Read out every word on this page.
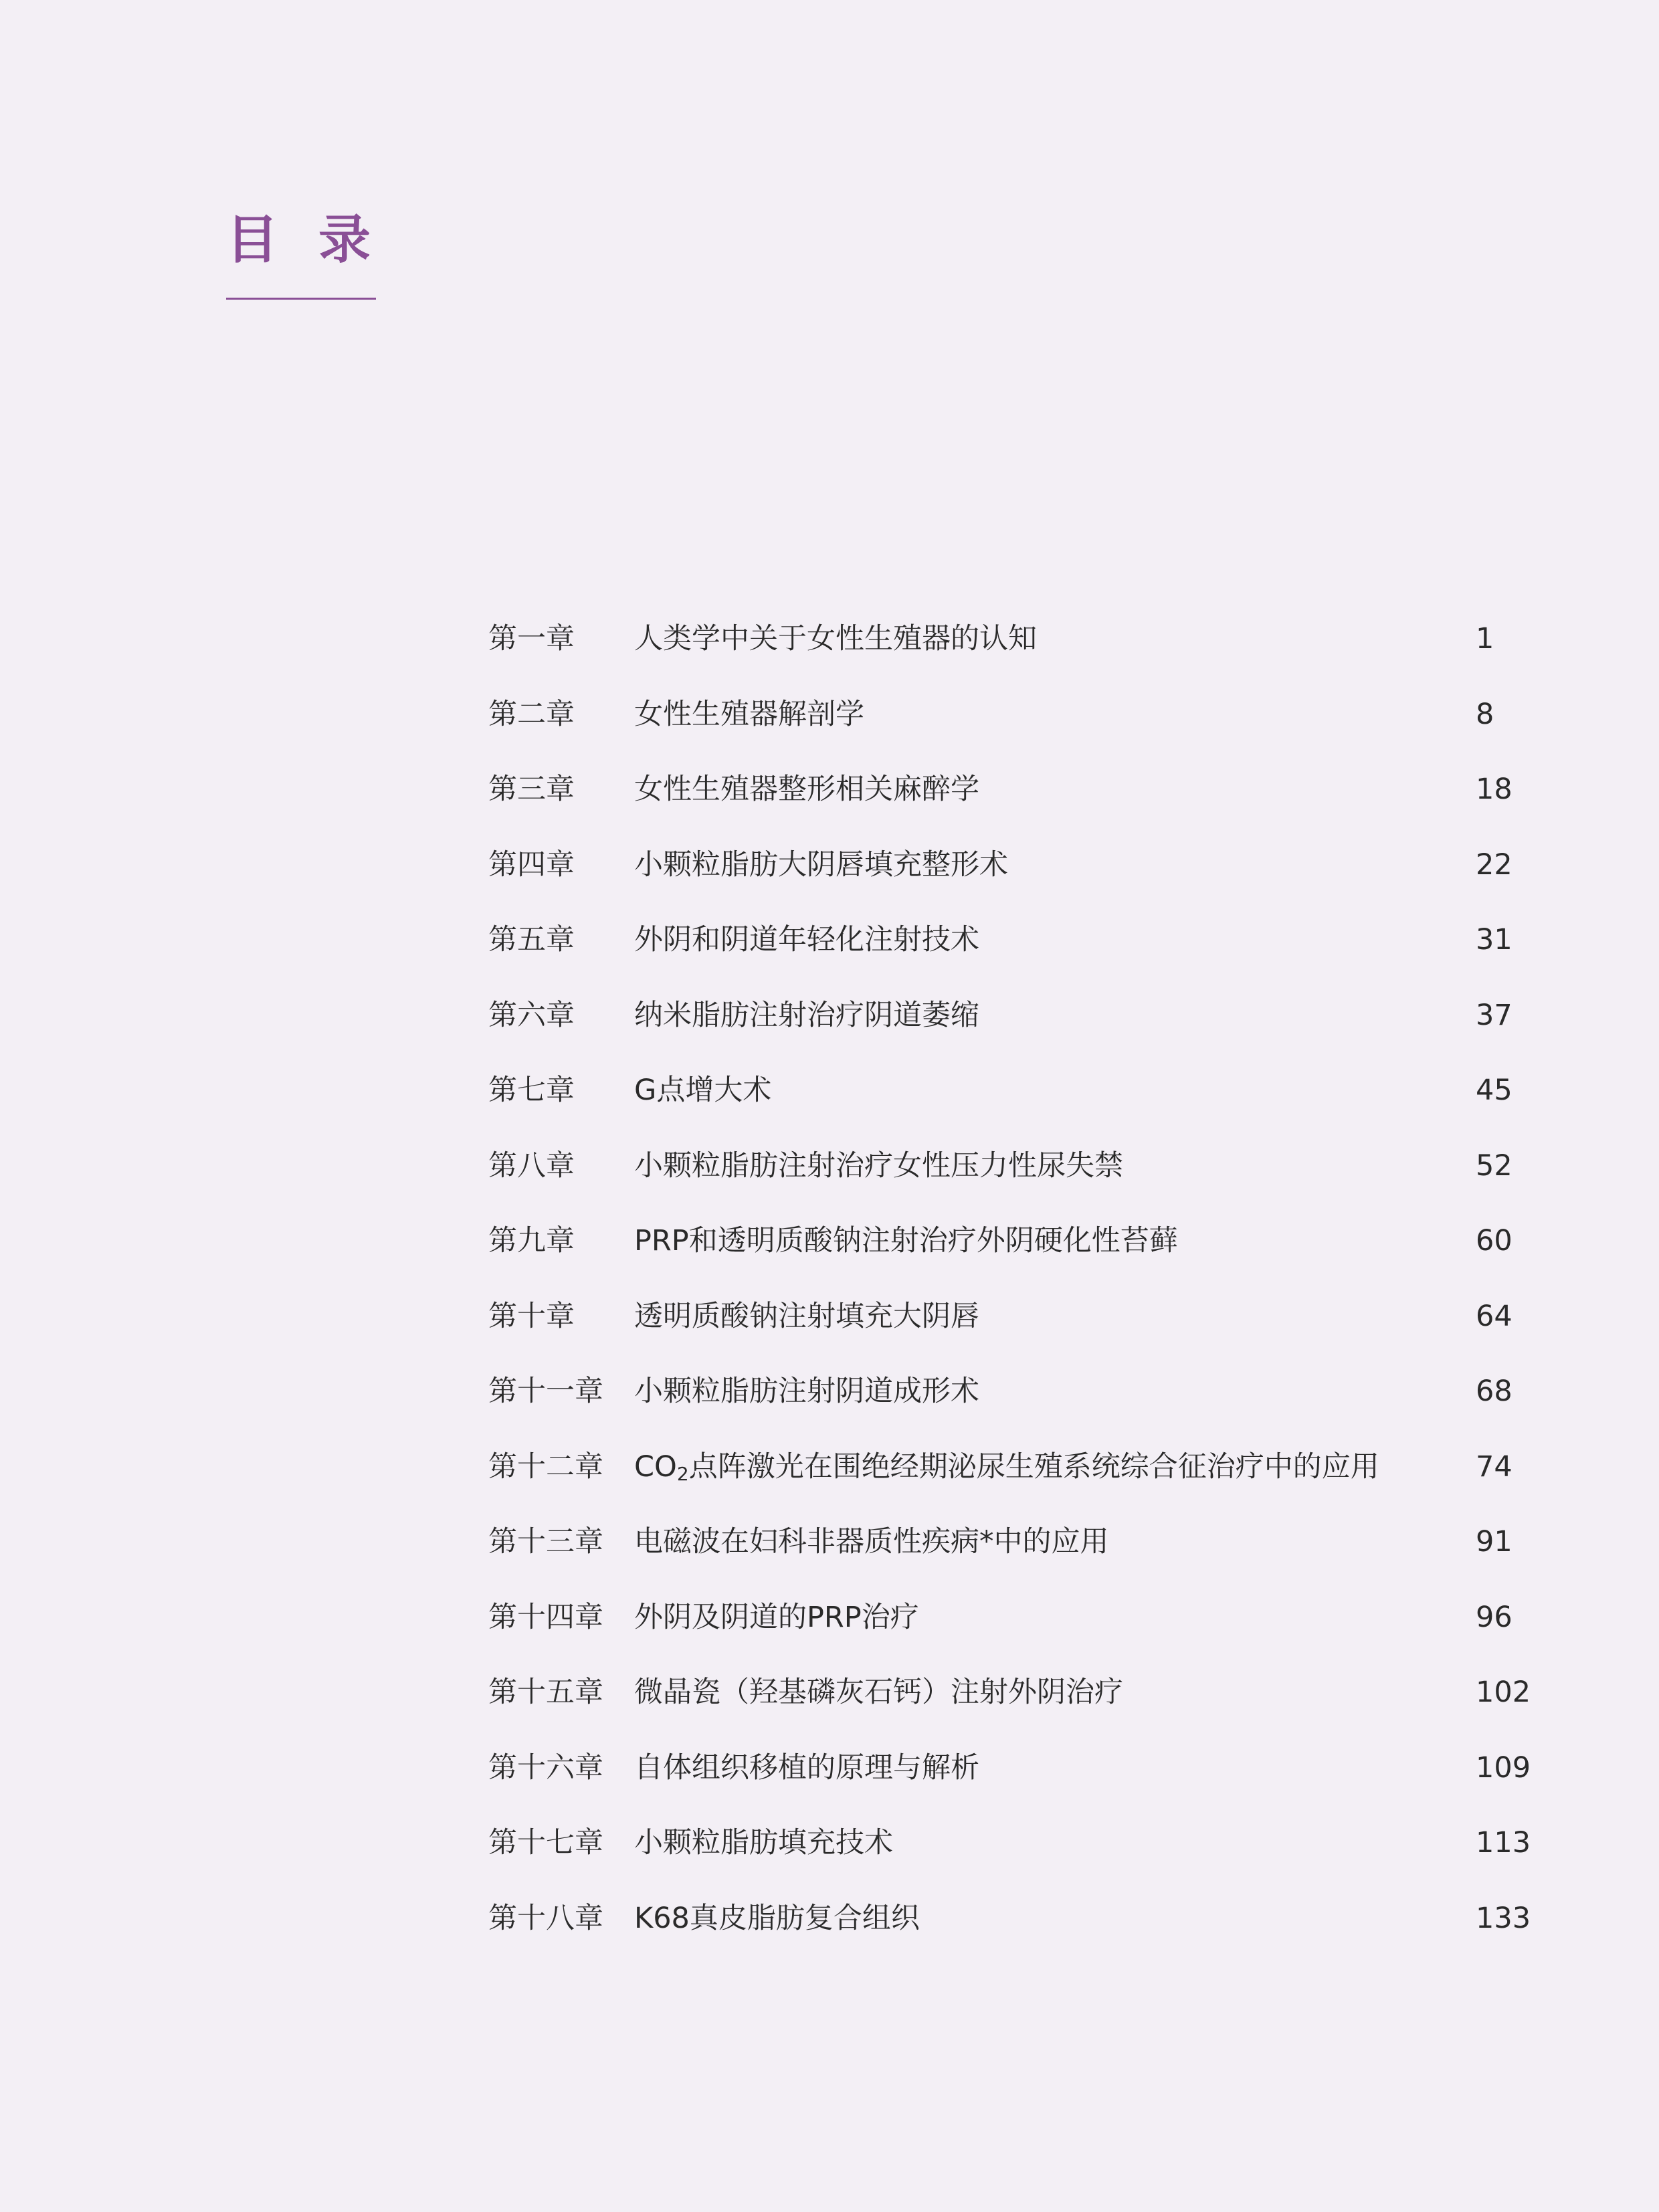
目录
第一章 人类学中关于女性生殖器的认知	1
第二章 女性生殖器解剖学	8
第三章 女性生殖器整形相关麻醉学	18
第四章 小颗粒脂肪大阴唇填充整形术	22
第五章 外阴和阴道年轻化注射技术	31
第六章 纳米脂肪注射治疗阴道萎缩	37
第七章 G点增大术	45
第八章 小颗粒脂肪注射治疗女性压力性尿失禁	52
第九章 PRP和透明质酸钠注射治疗外阴硬化性苔藓	60
第十章 透明质酸钠注射填充大阴唇	64
第十一章 小颗粒脂肪注射阴道成形术	68
第十二章 $CO_2$点阵激光在围绝经期泌尿生殖系统综合征治疗中的应用	74
第十三章 电磁波在妇科非器质性疾病*中的应用	91
第十四章 外阴及阴道的PRP治疗	96
第十五章 微晶瓷（羟基磷灰石钙）注射外阴治疗	102
第十六章 自体组织移植的原理与解析	109
第十七章 小颗粒脂肪填充技术	113
第十八章 K68真皮脂肪复合组织	133
